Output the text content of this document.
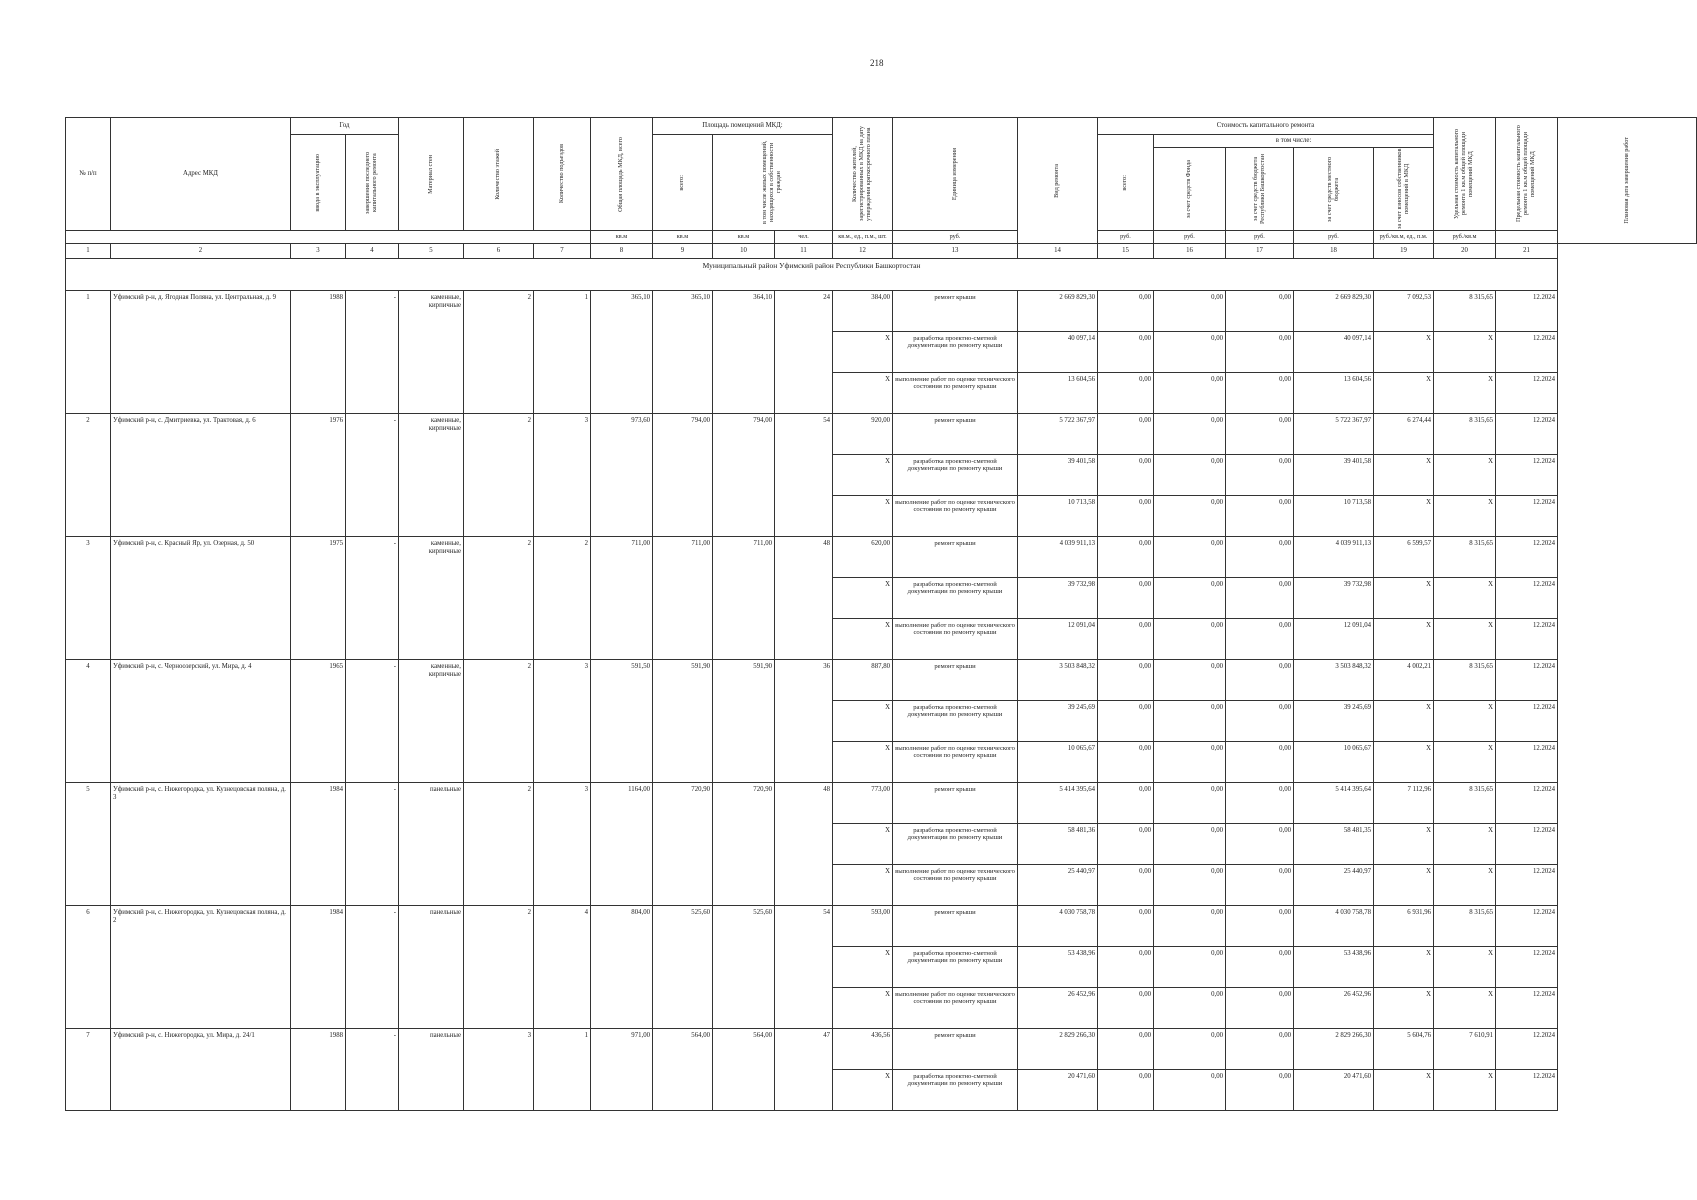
218
№ п/п	Адрес МКД	Год		Материал стен	Количество этажей	Количество подъездов	Общая площадь МКД, всего	Площадь помещений МКД:			Количество жителей, зарегистрированных в МКД на дату утверждения краткосрочного плана	Единица измерения	Вид ремонта	Стоимость капитального ремонта					Удельная стоимость капитального ремонта 1 кв.м общей площади помещений МКД	Предельная стоимость капитального ремонта 1 кв.м общей площади помещений МКД	Плановая дата завершения работ

		ввода в эксплуатацию	завершения последнего капитального ремонта					всего:	в том числе жилых помещений, находящихся в собственности граждан					всего:	в том числе:						

															за счет средств Фонда	за счет средств бюджета Республики Башкортостан	за счет средств местного бюджета	за счет взносов собственников помещений в МКД			

							кв.м	кв.м	кв.м	чел.	кв.м., ед., п.м., шт.	руб.		руб.	руб.	руб.	руб.	руб./кв.м, ед., п.м.	руб./кв.м		
1	2	3	4	5	6	7	8	9	10	11	12	13	14	15	16	17	18	19	20	21	
Муниципальный район Уфимский район Республики Башкортостан																					
1	Уфимский р-н, д. Ягодная Поляна, ул. Центральная, д. 9	1988	-	каменные, кирпичные	2	1	365,10	365,10	364,10	24	384,00	ремонт крыши	2 669 829,30	0,00	0,00	0,00	2 669 829,30	7 092,53	8 315,65	12.2024	
											X	разработка проектно-сметной документации по ремонту крыши	40 097,14	0,00	0,00	0,00	40 097,14	X	X	12.2024	
											X	выполнение работ по оценке технического состояния по ремонту крыши	13 604,56	0,00	0,00	0,00	13 604,56	X	X	12.2024	
2	Уфимский р-н, с. Дмитриевка, ул. Трактовая, д. 6	1976	-	каменные, кирпичные	2	3	973,60	794,00	794,00	54	920,00	ремонт крыши	5 722 367,97	0,00	0,00	0,00	5 722 367,97	6 274,44	8 315,65	12.2024	
											X	разработка проектно-сметной документации по ремонту крыши	39 401,58	0,00	0,00	0,00	39 401,58	X	X	12.2024	
											X	выполнение работ по оценке технического состояния по ремонту крыши	10 713,58	0,00	0,00	0,00	10 713,58	X	X	12.2024	
3	Уфимский р-н, с. Красный Яр, ул. Озерная, д. 50	1975	-	каменные, кирпичные	2	2	711,00	711,00	711,00	48	620,00	ремонт крыши	4 039 911,13	0,00	0,00	0,00	4 039 911,13	6 599,57	8 315,65	12.2024	
											X	разработка проектно-сметной документации по ремонту крыши	39 732,98	0,00	0,00	0,00	39 732,98	X	X	12.2024	
											X	выполнение работ по оценке технического состояния по ремонту крыши	12 091,04	0,00	0,00	0,00	12 091,04	X	X	12.2024	
4	Уфимский р-н, с. Черноозерский, ул. Мира, д. 4	1965	-	каменные, кирпичные	2	3	591,50	591,90	591,90	36	887,80	ремонт крыши	3 503 848,32	0,00	0,00	0,00	3 503 848,32	4 002,21	8 315,65	12.2024	
											X	разработка проектно-сметной документации по ремонту крыши	39 245,69	0,00	0,00	0,00	39 245,69	X	X	12.2024	
											X	выполнение работ по оценке технического состояния по ремонту крыши	10 065,67	0,00	0,00	0,00	10 065,67	X	X	12.2024	
5	Уфимский р-н, с. Нижегородка, ул. Кузнецовская поляна, д. 3	1984	-	панельные	2	3	1164,00	720,90	720,90	48	773,00	ремонт крыши	5 414 395,64	0,00	0,00	0,00	5 414 395,64	7 112,96	8 315,65	12.2024	
											X	разработка проектно-сметной документации по ремонту крыши	58 481,36	0,00	0,00	0,00	58 481,35	X	X	12.2024	
											X	выполнение работ по оценке технического состояния по ремонту крыши	25 440,97	0,00	0,00	0,00	25 440,97	X	X	12.2024	
6	Уфимский р-н, с. Нижегородка, ул. Кузнецовская поляна, д. 2	1984	-	панельные	2	4	804,00	525,60	525,60	54	593,00	ремонт крыши	4 030 758,78	0,00	0,00	0,00	4 030 758,78	6 931,96	8 315,65	12.2024	
											X	разработка проектно-сметной документации по ремонту крыши	53 438,96	0,00	0,00	0,00	53 438,96	X	X	12.2024	
											X	выполнение работ по оценке технического состояния по ремонту крыши	26 452,96	0,00	0,00	0,00	26 452,96	X	X	12.2024	
7	Уфимский р-н, с. Нижегородка, ул. Мира, д. 24/1	1988	-	панельные	3	1	971,00	564,00	564,00	47	436,56	ремонт крыши	2 829 266,30	0,00	0,00	0,00	2 829 266,30	5 604,76	7 610,91	12.2024	
											X	разработка проектно-сметной документации по ремонту крыши	20 471,60	0,00	0,00	0,00	20 471,60	X	X	12.2024	
